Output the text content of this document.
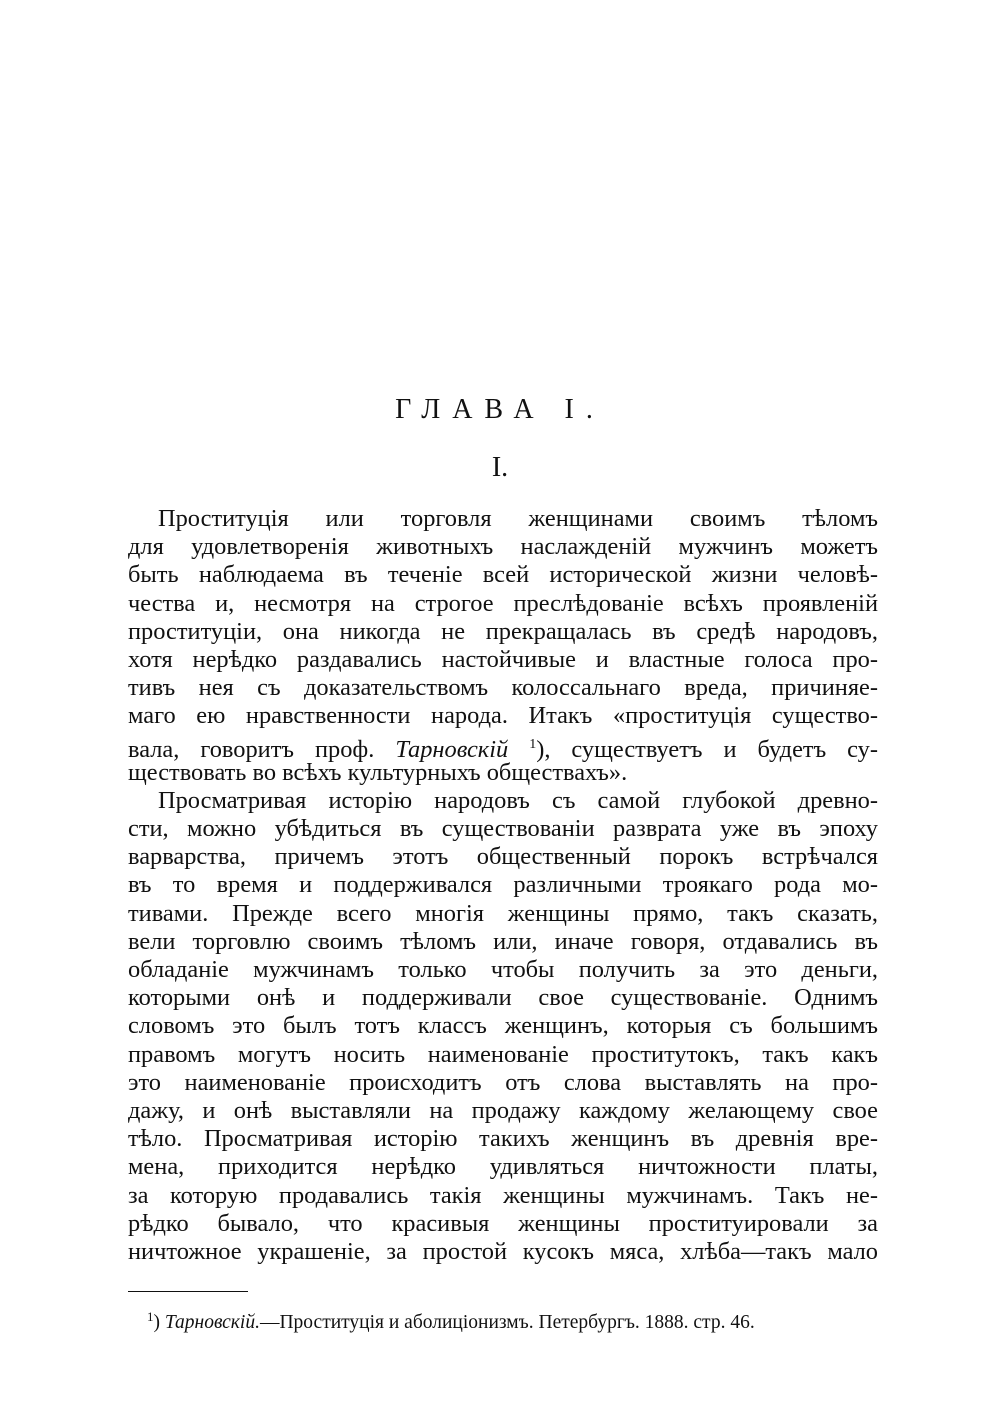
ГЛАВА I.
I.
Проституція или торговля женщинами своимъ тѣломъ
для удовлетворенія животныхъ наслажденій мужчинъ можетъ
быть наблюдаема въ теченіе всей исторической жизни человѣ-
чества и, несмотря на строгое преслѣдованіе всѣхъ проявленій
проституціи, она никогда не прекращалась въ средѣ народовъ,
хотя нерѣдко раздавались настойчивые и властные голоса про-
тивъ нея съ доказательствомъ колоссальнаго вреда, причиняе-
маго ею нравственности народа. Итакъ «проституція существо-
вала, говоритъ проф. Тарновскій $^1$), существуетъ и будетъ су-
ществовать во всѣхъ культурныхъ обществахъ».
Просматривая исторію народовъ съ самой глубокой древно-
сти, можно убѣдиться въ существованіи разврата уже въ эпоху
варварства, причемъ этотъ общественный порокъ встрѣчался
въ то время и поддерживался различными троякаго рода мо-
тивами. Прежде всего многія женщины прямо, такъ сказать,
вели торговлю своимъ тѣломъ или, иначе говоря, отдавались въ
обладаніе мужчинамъ только чтобы получить за это деньги,
которыми онѣ и поддерживали свое существованіе. Однимъ
словомъ это былъ тотъ классъ женщинъ, которыя съ большимъ
правомъ могутъ носить наименованіе проститутокъ, такъ какъ
это наименованіе происходитъ отъ слова выставлять на про-
дажу, и онѣ выставляли на продажу каждому желающему свое
тѣло. Просматривая исторію такихъ женщинъ въ древнія вре-
мена, приходится нерѣдко удивляться ничтожности платы,
за которую продавались такія женщины мужчинамъ. Такъ не-
рѣдко бывало, что красивыя женщины проституировали за
ничтожное украшеніе, за простой кусокъ мяса, хлѣба—такъ мало
$^1$) Тарновскій.—Проституція и аболиціонизмъ. Петербургъ. 1888. стр. 46.
